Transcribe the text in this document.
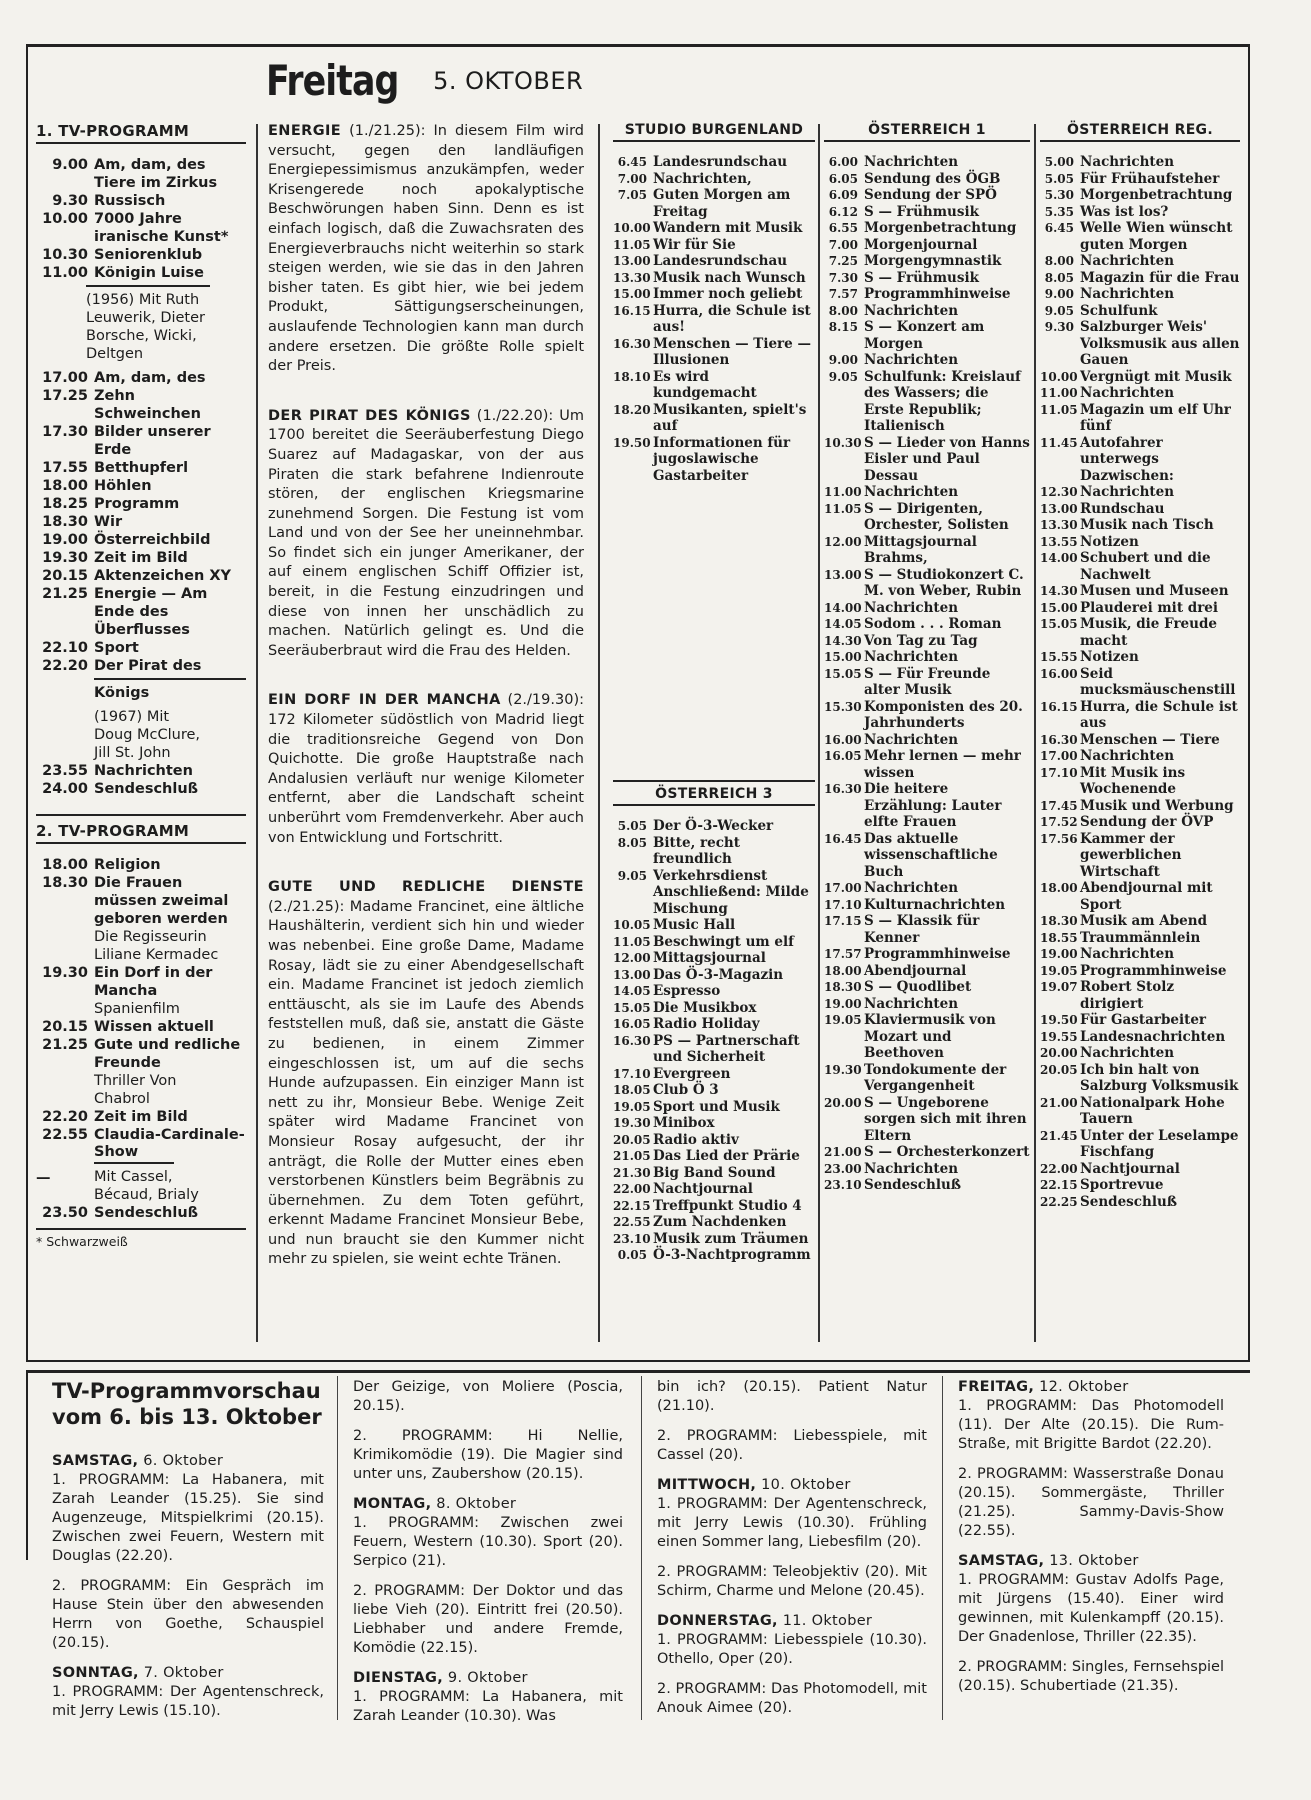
Freitag 5. OKTOBER
1. TV-PROGRAMM
9.00 Am, dam, des Tiere im Zirkus
9.30 Russisch
10.00 7000 Jahre iranische Kunst*
10.30 Seniorenklub
11.00 Königin Luise
(1956) Mit Ruth Leuwerik, Dieter Borsche, Wicki, Deltgen
17.00 Am, dam, des
17.25 Zehn Schweinchen
17.30 Bilder unserer Erde
17.55 Betthupferl
18.00 Höhlen
18.25 Programm
18.30 Wir
19.00 Österreichbild
19.30 Zeit im Bild
20.15 Aktenzeichen XY
21.25 Energie — Am Ende des Überflusses
22.10 Sport
22.20 Der Pirat des
Königs
(1967) Mit Doug McClure, Jill St. John
23.55 Nachrichten
24.00 Sendeschluß
2. TV-PROGRAMM
18.00 Religion
18.30 Die Frauen müssen zweimal geboren werden
Die Regisseurin Liliane Kermadec
19.30 Ein Dorf in der Mancha
Spanienfilm
20.15 Wissen aktuell
21.25 Gute und redliche Freunde
Thriller Von Chabrol
22.20 Zeit im Bild
22.55 Claudia-Cardinale-
—
Show
Mit Cassel, Bécaud, Brialy
23.50 Sendeschluß
* Schwarzweiß
ENERGIE (1./21.25): In diesem Film wird versucht, gegen den landläufigen Energiepessimismus anzukämpfen, weder Krisengerede noch apokalyptische Beschwörungen haben Sinn. Denn es ist einfach logisch, daß die Zuwachsraten des Energieverbrauchs nicht weiterhin so stark steigen werden, wie sie das in den Jahren bisher taten. Es gibt hier, wie bei jedem Produkt, Sättigungserscheinungen, auslaufende Technologien kann man durch andere ersetzen. Die größte Rolle spielt der Preis.
DER PIRAT DES KÖNIGS (1./22.20): Um 1700 bereitet die Seeräuberfestung Diego Suarez auf Madagaskar, von der aus Piraten die stark befahrene Indienroute stören, der englischen Kriegsmarine zunehmend Sorgen. Die Festung ist vom Land und von der See her uneinnehmbar. So findet sich ein junger Amerikaner, der auf einem englischen Schiff Offizier ist, bereit, in die Festung einzudringen und diese von innen her unschädlich zu machen. Natürlich gelingt es. Und die Seeräuberbraut wird die Frau des Helden.
EIN DORF IN DER MANCHA (2./19.30): 172 Kilometer südöstlich von Madrid liegt die traditionsreiche Gegend von Don Quichotte. Die große Hauptstraße nach Andalusien verläuft nur wenige Kilometer entfernt, aber die Landschaft scheint unberührt vom Fremdenverkehr. Aber auch von Entwicklung und Fortschritt.
GUTE UND REDLICHE DIENSTE (2./21.25): Madame Francinet, eine ältliche Haushälterin, verdient sich hin und wieder was nebenbei. Eine große Dame, Madame Rosay, lädt sie zu einer Abendgesellschaft ein. Madame Francinet ist jedoch ziemlich enttäuscht, als sie im Laufe des Abends feststellen muß, daß sie, anstatt die Gäste zu bedienen, in einem Zimmer eingeschlossen ist, um auf die sechs Hunde aufzupassen. Ein einziger Mann ist nett zu ihr, Monsieur Bebe. Wenige Zeit später wird Madame Francinet von Monsieur Rosay aufgesucht, der ihr anträgt, die Rolle der Mutter eines eben verstorbenen Künstlers beim Begräbnis zu übernehmen. Zu dem Toten geführt, erkennt Madame Francinet Monsieur Bebe, und nun braucht sie den Kummer nicht mehr zu spielen, sie weint echte Tränen.
STUDIO BURGENLAND
6.45 Landesrundschau
7.00 Nachrichten,
7.05 Guten Morgen am Freitag
10.00 Wandern mit Musik
11.05 Wir für Sie
13.00 Landesrundschau
13.30 Musik nach Wunsch
15.00 Immer noch geliebt
16.15 Hurra, die Schule ist aus!
16.30 Menschen — Tiere — Illusionen
18.10 Es wird kundgemacht
18.20 Musikanten, spielt's auf
19.50 Informationen für jugoslawische Gastarbeiter
ÖSTERREICH 3
5.05 Der Ö-3-Wecker
8.05 Bitte, recht freundlich
9.05 Verkehrsdienst Anschließend: Milde Mischung
10.05 Music Hall
11.05 Beschwingt um elf
12.00 Mittagsjournal
13.00 Das Ö-3-Magazin
14.05 Espresso
15.05 Die Musikbox
16.05 Radio Holiday
16.30 PS — Partnerschaft und Sicherheit
17.10 Evergreen
18.05 Club Ö 3
19.05 Sport und Musik
19.30 Minibox
20.05 Radio aktiv
21.05 Das Lied der Prärie
21.30 Big Band Sound
22.00 Nachtjournal
22.15 Treffpunkt Studio 4
22.55 Zum Nachdenken
23.10 Musik zum Träumen
0.05 Ö-3-Nachtprogramm
ÖSTERREICH 1
6.00 Nachrichten
6.05 Sendung des ÖGB
6.09 Sendung der SPÖ
6.12 S — Frühmusik
6.55 Morgenbetrachtung
7.00 Morgenjournal
7.25 Morgengymnastik
7.30 S — Frühmusik
7.57 Programmhinweise
8.00 Nachrichten
8.15 S — Konzert am Morgen
9.00 Nachrichten
9.05 Schulfunk: Kreislauf des Wassers; die Erste Republik; Italienisch
10.30 S — Lieder von Hanns Eisler und Paul Dessau
11.00 Nachrichten
11.05 S — Dirigenten, Orchester, Solisten
12.00 Mittagsjournal Brahms,
13.00 S — Studiokonzert C. M. von Weber, Rubin
14.00 Nachrichten
14.05 Sodom . . . Roman
14.30 Von Tag zu Tag
15.00 Nachrichten
15.05 S — Für Freunde alter Musik
15.30 Komponisten des 20. Jahrhunderts
16.00 Nachrichten
16.05 Mehr lernen — mehr wissen
16.30 Die heitere Erzählung: Lauter elfte Frauen
16.45 Das aktuelle wissenschaftliche Buch
17.00 Nachrichten
17.10 Kulturnachrichten
17.15 S — Klassik für Kenner
17.57 Programmhinweise
18.00 Abendjournal
18.30 S — Quodlibet
19.00 Nachrichten
19.05 Klaviermusik von Mozart und Beethoven
19.30 Tondokumente der Vergangenheit
20.00 S — Ungeborene sorgen sich mit ihren Eltern
21.00 S — Orchesterkonzert
23.00 Nachrichten
23.10 Sendeschluß
ÖSTERREICH REG.
5.00 Nachrichten
5.05 Für Frühaufsteher
5.30 Morgenbetrachtung
5.35 Was ist los?
6.45 Welle Wien wünscht guten Morgen
8.00 Nachrichten
8.05 Magazin für die Frau
9.00 Nachrichten
9.05 Schulfunk
9.30 Salzburger Weis' Volksmusik aus allen Gauen
10.00 Vergnügt mit Musik
11.00 Nachrichten
11.05 Magazin um elf Uhr fünf
11.45 Autofahrer unterwegs Dazwischen:
12.30 Nachrichten
13.00 Rundschau
13.30 Musik nach Tisch
13.55 Notizen
14.00 Schubert und die Nachwelt
14.30 Musen und Museen
15.00 Plauderei mit drei
15.05 Musik, die Freude macht
15.55 Notizen
16.00 Seid mucksmäuschenstill
16.15 Hurra, die Schule ist aus
16.30 Menschen — Tiere
17.00 Nachrichten
17.10 Mit Musik ins Wochenende
17.45 Musik und Werbung
17.52 Sendung der ÖVP
17.56 Kammer der gewerblichen Wirtschaft
18.00 Abendjournal mit Sport
18.30 Musik am Abend
18.55 Traummännlein
19.00 Nachrichten
19.05 Programmhinweise
19.07 Robert Stolz dirigiert
19.50 Für Gastarbeiter
19.55 Landesnachrichten
20.00 Nachrichten
20.05 Ich bin halt von Salzburg Volksmusik
21.00 Nationalpark Hohe Tauern
21.45 Unter der Leselampe Fischfang
22.00 Nachtjournal
22.15 Sportrevue
22.25 Sendeschluß
TV-Programmvorschau vom 6. bis 13. Oktober
SAMSTAG, 6. Oktober
1. PROGRAMM: La Habanera, mit Zarah Leander (15.25). Sie sind Augenzeuge, Mitspielkrimi (20.15). Zwischen zwei Feuern, Western mit Douglas (22.20).
2. PROGRAMM: Ein Gespräch im Hause Stein über den abwesenden Herrn von Goethe, Schauspiel (20.15).
SONNTAG, 7. Oktober
1. PROGRAMM: Der Agentenschreck, mit Jerry Lewis (15.10).
Der Geizige, von Moliere (Poscia, 20.15).
2. PROGRAMM: Hi Nellie, Krimikomödie (19). Die Magier sind unter uns, Zaubershow (20.15).
MONTAG, 8. Oktober
1. PROGRAMM: Zwischen zwei Feuern, Western (10.30). Sport (20). Serpico (21).
2. PROGRAMM: Der Doktor und das liebe Vieh (20). Eintritt frei (20.50). Liebhaber und andere Fremde, Komödie (22.15).
DIENSTAG, 9. Oktober
1. PROGRAMM: La Habanera, mit Zarah Leander (10.30). Was
bin ich? (20.15). Patient Natur (21.10).
2. PROGRAMM: Liebesspiele, mit Cassel (20).
MITTWOCH, 10. Oktober
1. PROGRAMM: Der Agentenschreck, mit Jerry Lewis (10.30). Frühling einen Sommer lang, Liebesfilm (20).
2. PROGRAMM: Teleobjektiv (20). Mit Schirm, Charme und Melone (20.45).
DONNERSTAG, 11. Oktober
1. PROGRAMM: Liebesspiele (10.30). Othello, Oper (20).
2. PROGRAMM: Das Photomodell, mit Anouk Aimee (20).
FREITAG, 12. Oktober
1. PROGRAMM: Das Photomodell (11). Der Alte (20.15). Die Rum-Straße, mit Brigitte Bardot (22.20).
2. PROGRAMM: Wasserstraße Donau (20.15). Sommergäste, Thriller (21.25). Sammy-Davis-Show (22.55).
SAMSTAG, 13. Oktober
1. PROGRAMM: Gustav Adolfs Page, mit Jürgens (15.40). Einer wird gewinnen, mit Kulenkampff (20.15). Der Gnadenlose, Thriller (22.35).
2. PROGRAMM: Singles, Fernsehspiel (20.15). Schubertiade (21.35).
